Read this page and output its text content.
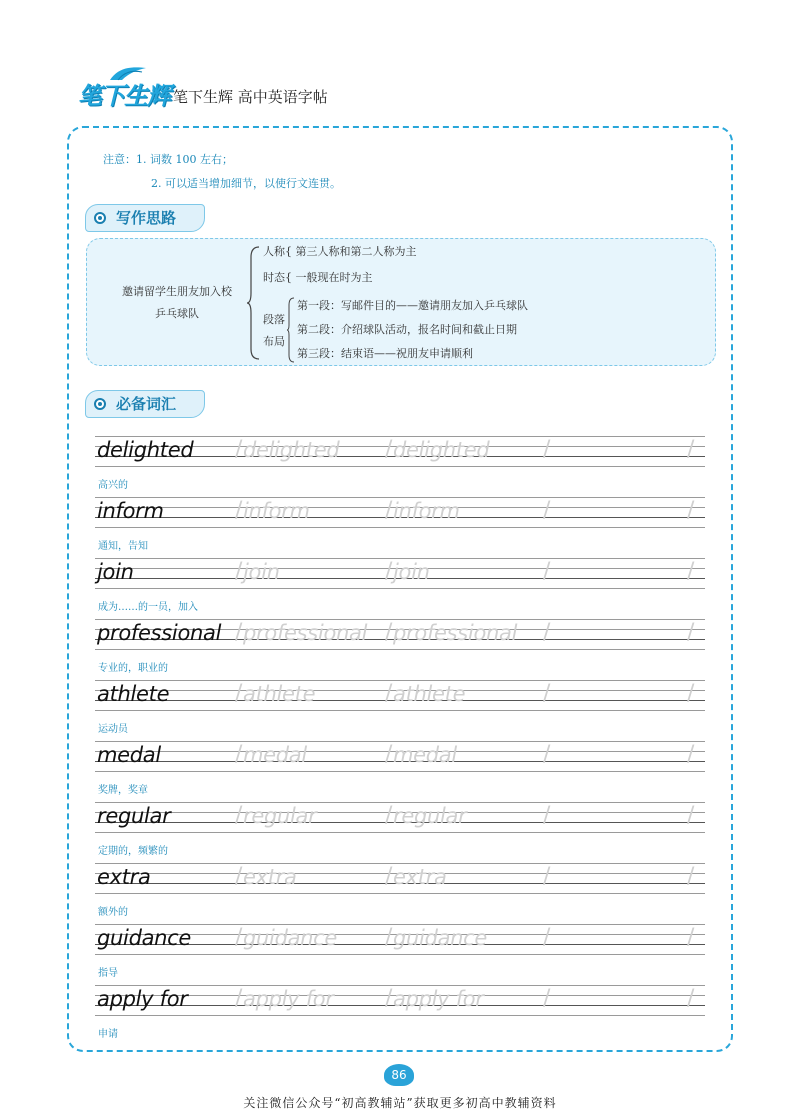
笔下生辉 笔下生辉 高中英语字帖
注意：1. 词数 100 左右；
2. 可以适当增加细节，以使行文连贯。
写作思路
邀请留学生朋友加入校
乒乓球队
人称{ 第三人称和第二人称为主
时态{ 一般现在时为主
段落
布局
第一段：写邮件目的——邀请朋友加入乒乓球队
第二段：介绍球队活动，报名时间和截止日期
第三段：结束语——祝朋友申请顺利
必备词汇
delighted / delighted / delighted /	/
高兴的
inform	/ inform	/ inform	/	/
通知，告知
join	/ join	/ join	/	/
成为……的一员，加入
professional / professional / professional /	/
专业的，职业的
athlete	/ athlete	/ athlete	/	/
运动员
medal	/ medal	/ medal	/	/
奖牌，奖章
regular	/ regular	/ regular	/	/
定期的，频繁的
extra	/ extra	/ extra	/	/
额外的
guidance / guidance / guidance	/	/
指导
apply for / apply for / apply for	/	/
申请
86
关注微信公众号“初高教辅站”获取更多初高中教辅资料
